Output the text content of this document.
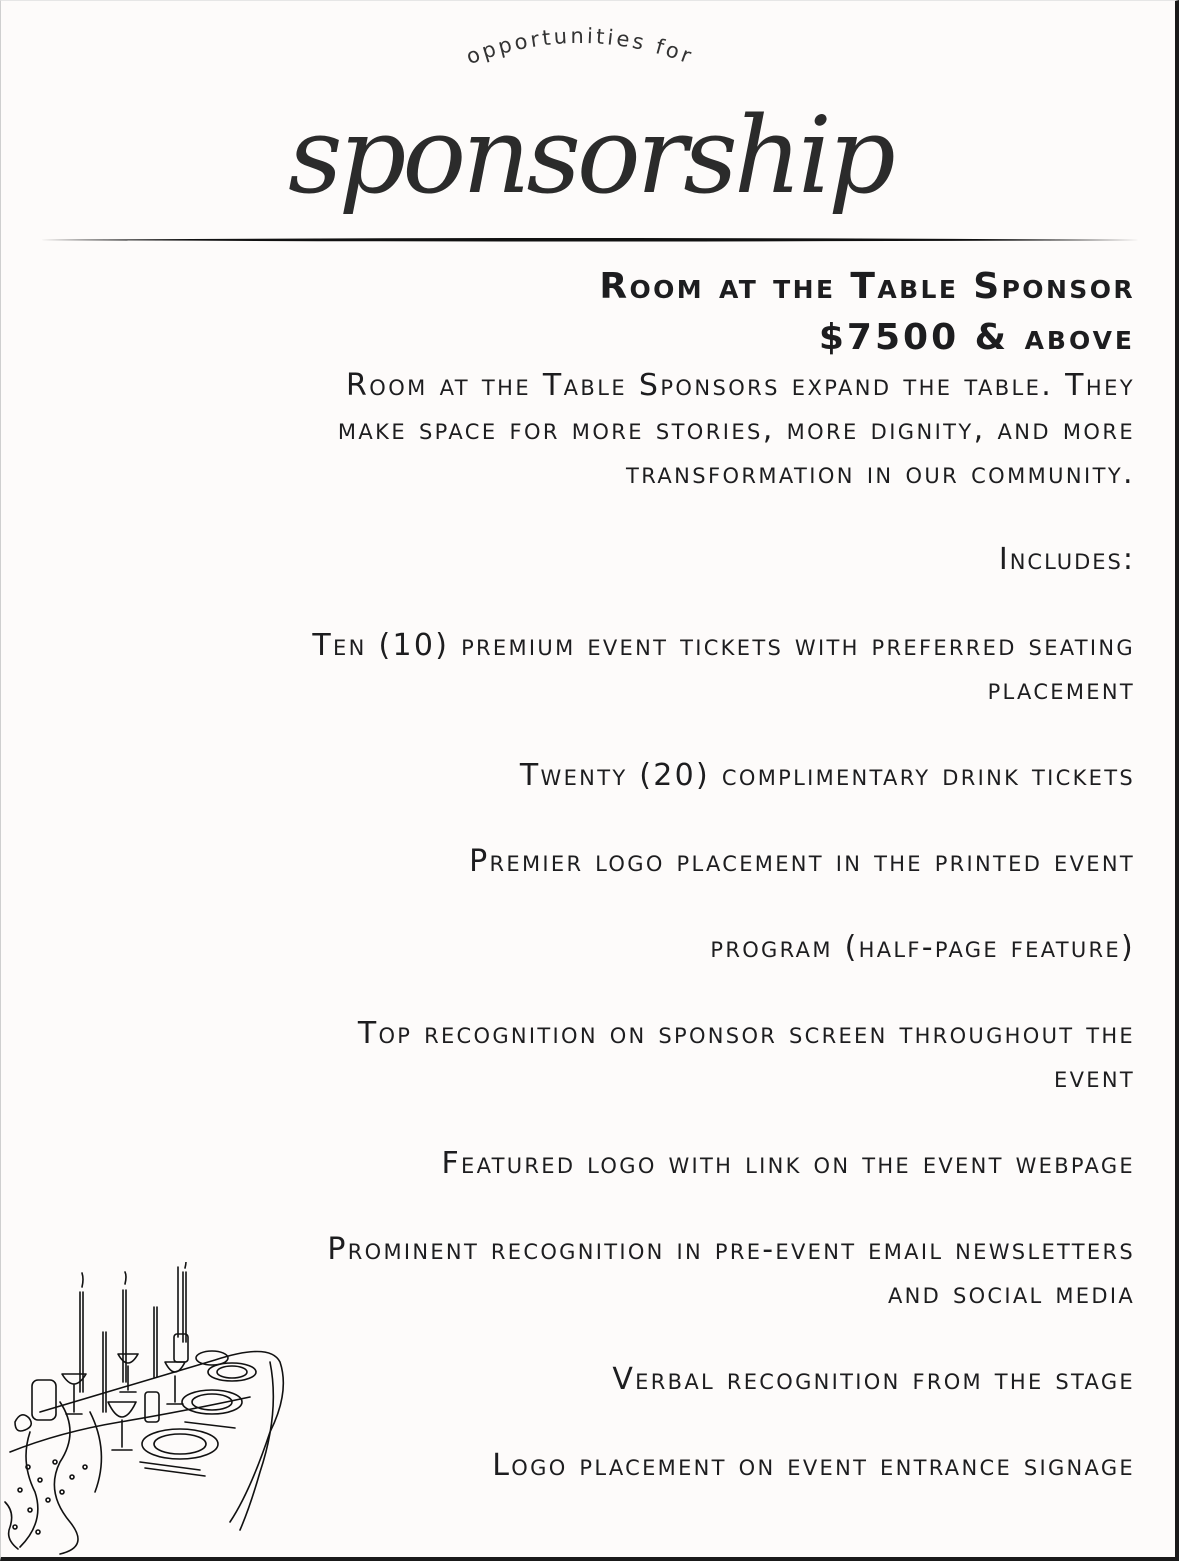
opportunities for
sponsorship

Room at the Table Sponsor

$7500 & above

Room at the Table Sponsors expand the table. They

make space for more stories, more dignity, and more

transformation in our community.

Includes:

Ten (10) premium event tickets with preferred seating
placement
Twenty (20) complimentary drink tickets
Premier logo placement in the printed event
program (half-page feature)
Top recognition on sponsor screen throughout the
event
Featured logo with link on the event webpage
Prominent recognition in pre-event email newsletters
and social media
Verbal recognition from the stage
Logo placement on event entrance signage
